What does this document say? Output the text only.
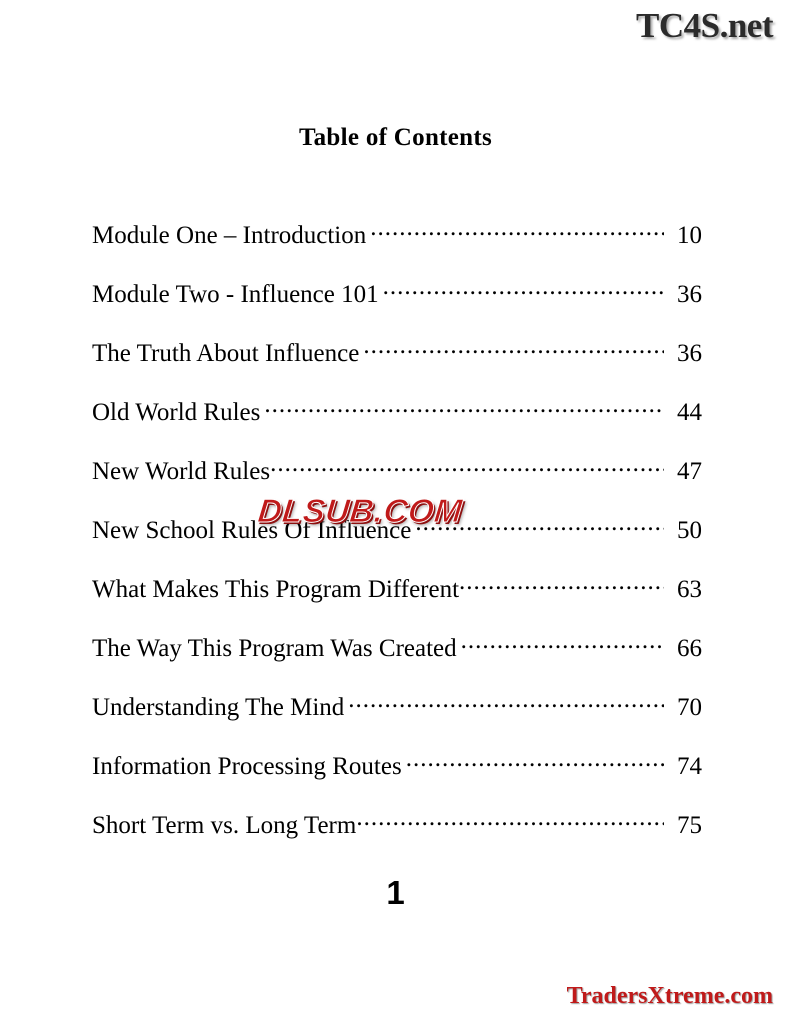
TC4S.net
Table of Contents
Module One – Introduction .....	10
Module Two - Influence 101 .....	36
The Truth About Influence .....	36
Old World Rules .....	44
New World Rules .....	47
New School Rules Of Influence .....	50
What Makes This Program Different .....	63
The Way This Program Was Created .....	66
Understanding The Mind .....	70
Information Processing Routes .....	74
Short Term vs. Long Term .....	75
DLSUB.COM
1
TradersXtreme.com
